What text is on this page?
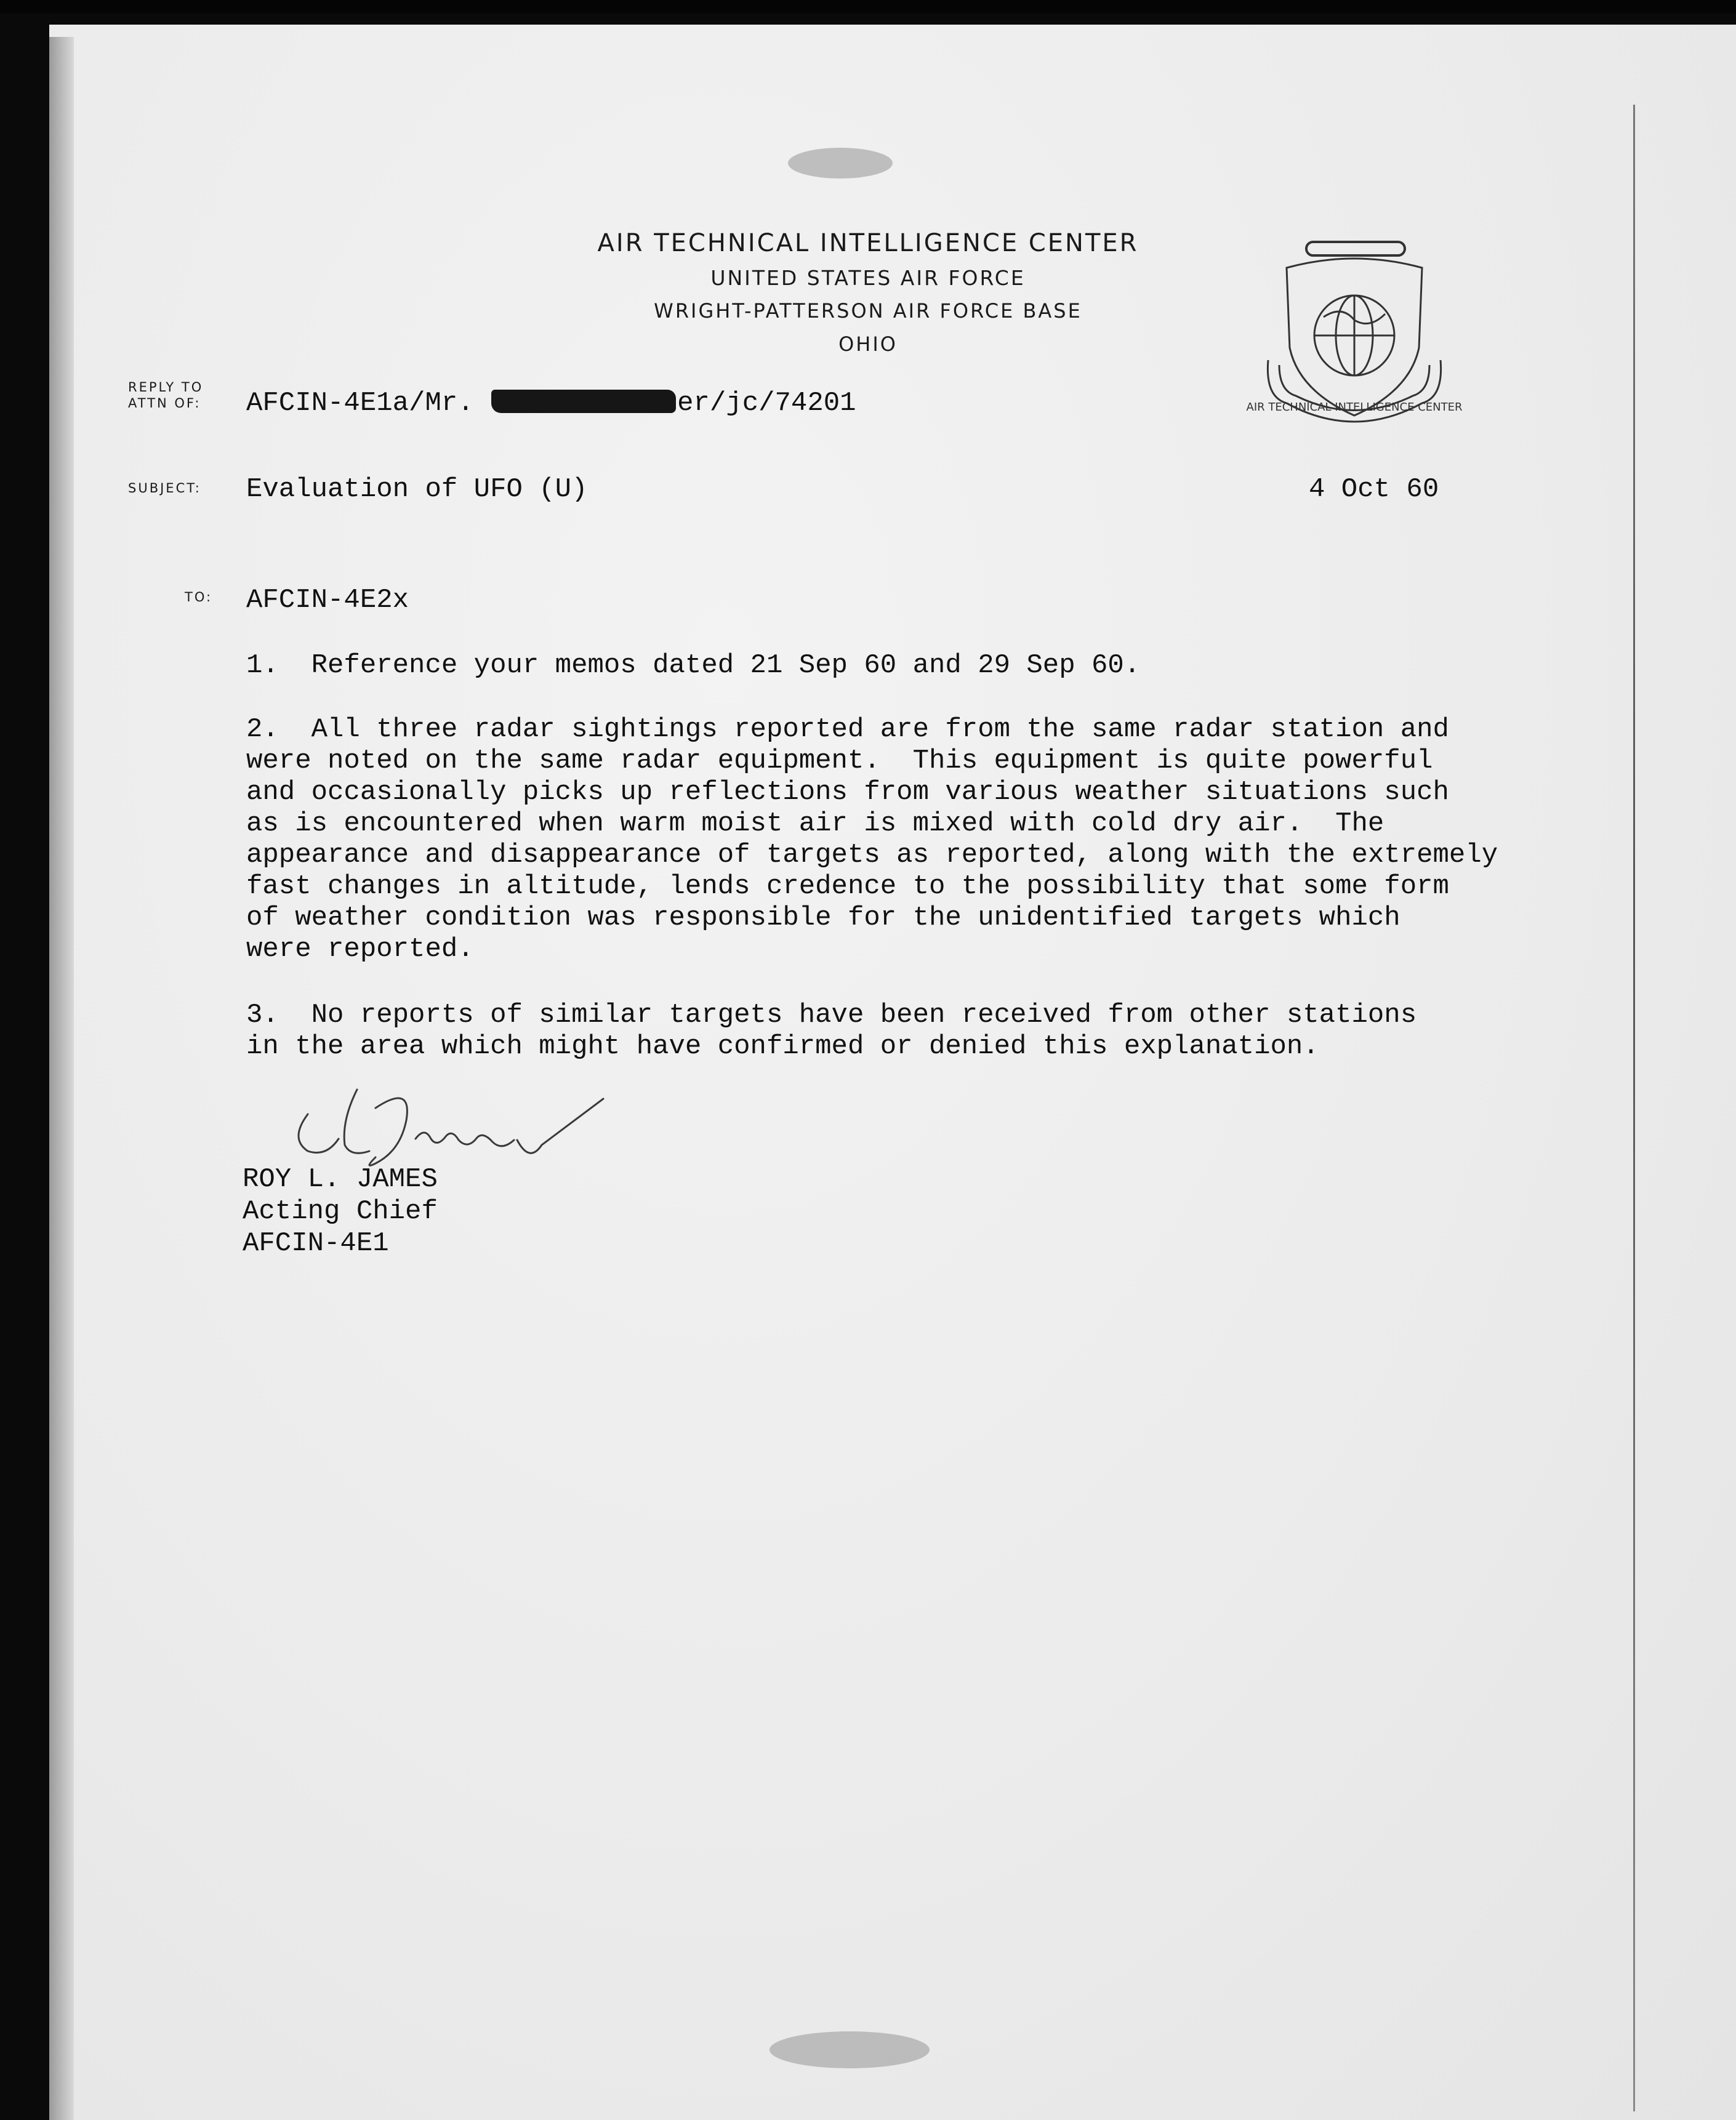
AIR TECHNICAL INTELLIGENCE CENTER
UNITED STATES AIR FORCE
WRIGHT-PATTERSON AIR FORCE BASE
OHIO
AIR TECHNICAL INTELLIGENCE CENTER
REPLY TO
ATTN OF:
SUBJECT:
TO:
AFCIN-4E1a/Mr.	er/jc/74201
Evaluation of UFO (U)	4 Oct 60
AFCIN-4E2x
1.  Reference your memos dated 21 Sep 60 and 29 Sep 60.
2.  All three radar sightings reported are from the same radar station and
were noted on the same radar equipment.  This equipment is quite powerful
and occasionally picks up reflections from various weather situations such
as is encountered when warm moist air is mixed with cold dry air.  The
appearance and disappearance of targets as reported, along with the extremely
fast changes in altitude, lends credence to the possibility that some form
of weather condition was responsible for the unidentified targets which
were reported.
3.  No reports of similar targets have been received from other stations
in the area which might have confirmed or denied this explanation.
ROY L. JAMES
Acting Chief
AFCIN-4E1
